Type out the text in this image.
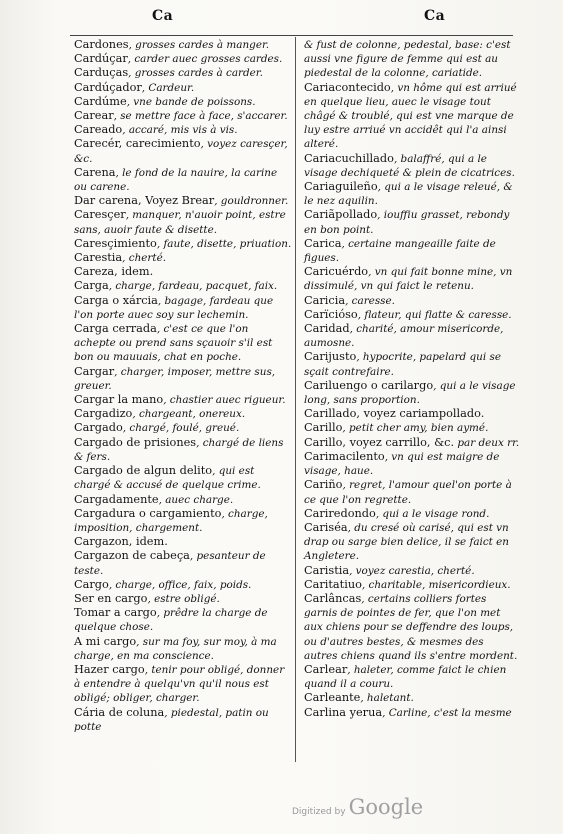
Ca	Ca
Cardones, grosses cardes à manger.
Cardúçar, carder auec grosses cardes.
Carduças, grosses cardes à carder.
Cardúçador, Cardeur.
Cardúme, vne bande de poissons.
Carear, se mettre face à face, s'accarer.
Careado, accaré, mis vis à vis.
Carecér, carecimiento, voyez caresçer, &c.
Carena, le fond de la nauire, la carine ou carene.
Dar carena, Voyez Brear, gouldronner.
Caresçer, manquer, n'auoir point, estre sans, auoir faute & disette.
Caresçimiento, faute, disette, priuation.
Carestia, cherté.
Careza, idem.
Carga, charge, fardeau, pacquet, faix.
Carga o xárcia, bagage, fardeau que l'on porte auec soy sur lechemin.
Carga cerrada, c'est ce que l'on achepte ou prend sans sçauoir s'il est bon ou mauuais, chat en poche.
Cargar, charger, imposer, mettre sus, greuer.
Cargar la mano, chastier auec rigueur.
Cargadizo, chargeant, onereux.
Cargado, chargé, foulé, greué.
Cargado de prisiones, chargé de liens & fers.
Cargado de algun delito, qui est chargé & accusé de quelque crime.
Cargadamente, auec charge.
Cargadura o cargamiento, charge, imposition, chargement.
Cargazon, idem.
Cargazon de cabeça, pesanteur de teste.
Cargo, charge, office, faix, poids.
Ser en cargo, estre obligé.
Tomar a cargo, prêdre la charge de quelque chose.
A mi cargo, sur ma foy, sur moy, à ma charge, en ma conscience.
Hazer cargo, tenir pour obligé, donner à entendre à quelqu'vn qu'il nous est obligé; obliger, charger.
Cária de coluna, piedestal, patin ou potte
& fust de colonne, pedestal, base: c'est aussi vne figure de femme qui est au piedestal de la colonne, cariatide.
Cariacontecido, vn hôme qui est arriué en quelque lieu, auec le visage tout châgé & troublé, qui est vne marque de luy estre arriué vn accidêt qui l'a ainsi alteré.
Cariacuchillado, balaffré, qui a le visage dechiqueté & plein de cicatrices.
Cariaguileño, qui a le visage releué, & le nez aquilin.
Cariãpollado, iouffiu grasset, rebondy en bon point.
Carica, certaine mangeaille faite de figues.
Caricuérdo, vn qui fait bonne mine, vn dissimulé, vn qui faict le retenu.
Caricia, caresse.
Carïcióso, flateur, qui flatte & caresse.
Caridad, charité, amour misericorde, aumosne.
Carijusto, hypocrite, papelard qui se sçait contrefaire.
Cariluengo o carilargo, qui a le visage long, sans proportion.
Carillado, voyez cariampollado.
Carillo, petit cher amy, bien aymé.
Carillo, voyez carrillo, &c. par deux rr.
Carimacilento, vn qui est maigre de visage, haue.
Cariño, regret, l'amour quel'on porte à ce que l'on regrette.
Cariredondo, qui a le visage rond.
Cariséa, du cresé où carisé, qui est vn drap ou sarge bien delice, il se faict en Angletere.
Caristia, voyez carestia, cherté.
Caritatiuo, charitable, misericordieux.
Carlâncas, certains colliers fortes garnis de pointes de fer, que l'on met aux chiens pour se deffendre des loups, ou d'autres bestes, & mesmes des autres chiens quand ils s'entre mordent.
Carlear, haleter, comme faict le chien quand il a couru.
Carleante, haletant.
Carlina yerua, Carline, c'est la mesme
Digitized by Google
